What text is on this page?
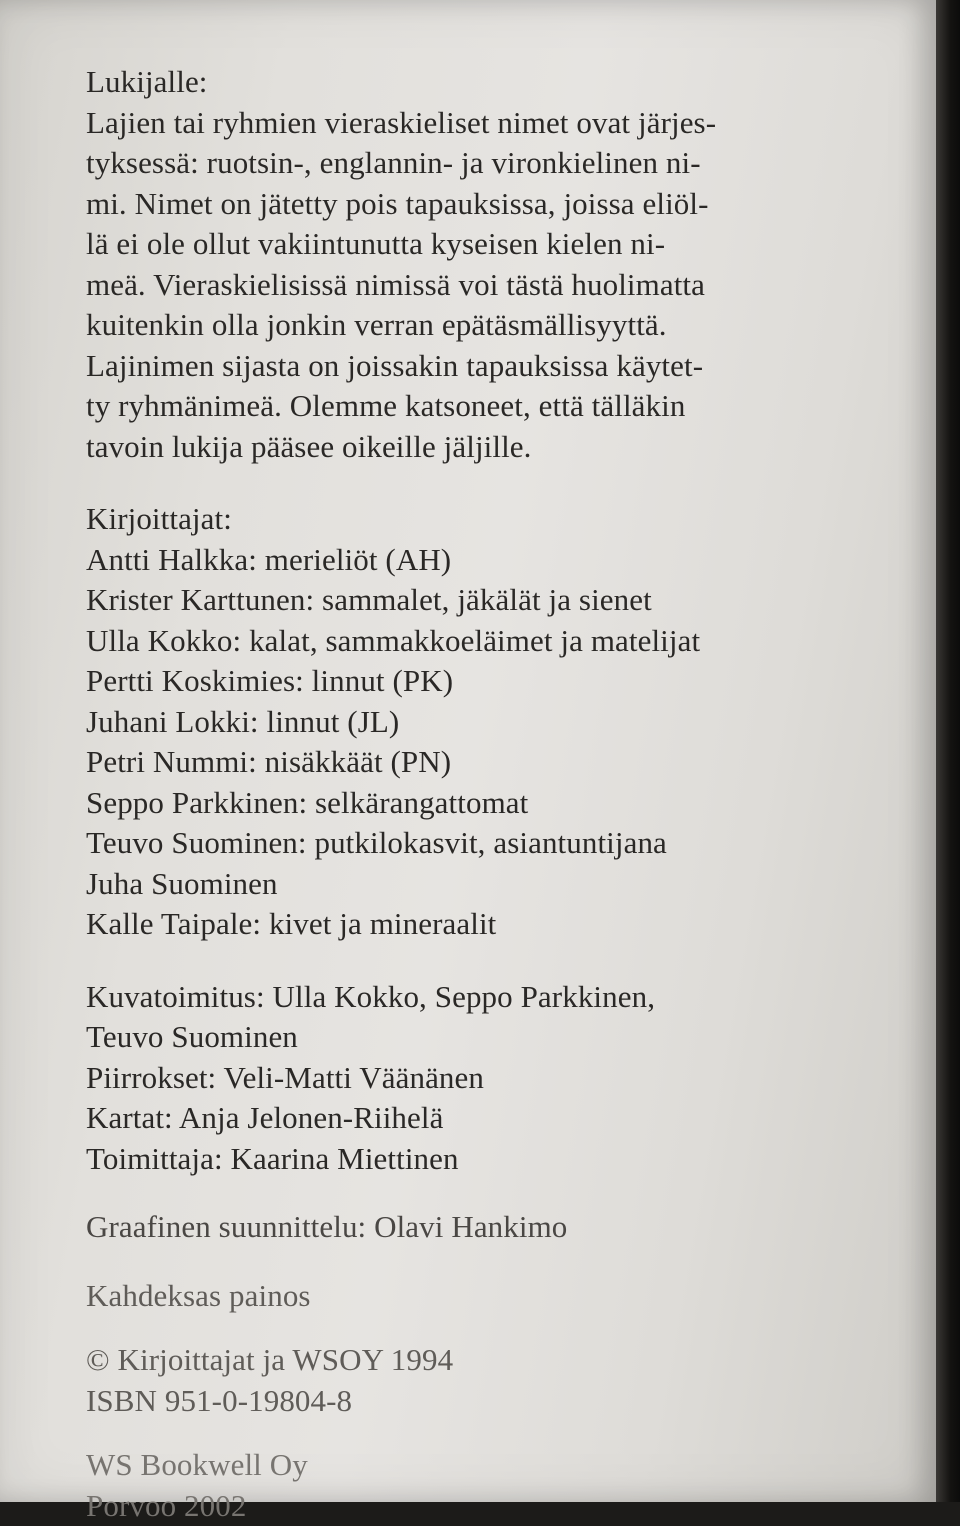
Lukijalle:
Lajien tai ryhmien vieraskieliset nimet ovat järjes-
tyksessä: ruotsin-, englannin- ja vironkielinen ni-
mi. Nimet on jätetty pois tapauksissa, joissa eliöl-
lä ei ole ollut vakiintunutta kyseisen kielen ni-
meä. Vieraskielisissä nimissä voi tästä huolimatta
kuitenkin olla jonkin verran epätäsmällisyyttä.
Lajinimen sijasta on joissakin tapauksissa käytet-
ty ryhmänimeä. Olemme katsoneet, että tälläkin
tavoin lukija pääsee oikeille jäljille.
Kirjoittajat:
Antti Halkka: merieliöt (AH)
Krister Karttunen: sammalet, jäkälät ja sienet
Ulla Kokko: kalat, sammakkoeläimet ja matelijat
Pertti Koskimies: linnut (PK)
Juhani Lokki: linnut (JL)
Petri Nummi: nisäkkäät (PN)
Seppo Parkkinen: selkärangattomat
Teuvo Suominen: putkilokasvit, asiantuntijana
Juha Suominen
Kalle Taipale: kivet ja mineraalit
Kuvatoimitus: Ulla Kokko, Seppo Parkkinen,
Teuvo Suominen
Piirrokset: Veli-Matti Väänänen
Kartat: Anja Jelonen-Riihelä
Toimittaja: Kaarina Miettinen
Graafinen suunnittelu: Olavi Hankimo
Kahdeksas painos
© Kirjoittajat ja WSOY 1994
ISBN 951-0-19804-8
WS Bookwell Oy
Porvoo 2002
